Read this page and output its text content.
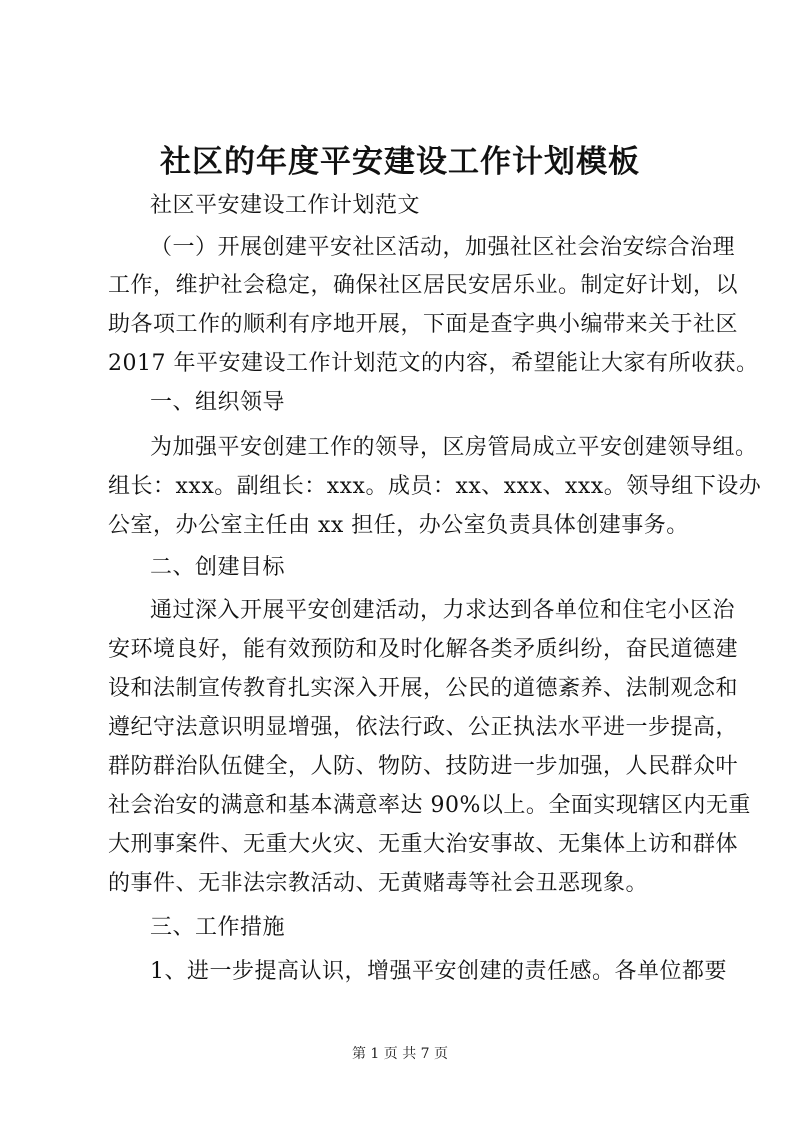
社区的年度平安建设工作计划模板
社区平安建设工作计划范文
（一）开展创建平安社区活动，加强社区社会治安综合治理
工作，维护社会稳定，确保社区居民安居乐业。制定好计划，以
助各项工作的顺利有序地开展，下面是查字典小编带来关于社区
2017 年平安建设工作计划范文的内容，希望能让大家有所收获。
一、组织领导
为加强平安创建工作的领导，区房管局成立平安创建领导组。
组长：xxx。副组长：xxx。成员：xx、xxx、xxx。领导组下设办
公室，办公室主任由 xx 担任，办公室负责具体创建事务。
二、创建目标
通过深入开展平安创建活动，力求达到各单位和住宅小区治
安环境良好，能有效预防和及时化解各类矛质纠纷，奋民道德建
设和法制宣传教育扎实深入开展，公民的道德紊养、法制观念和
遵纪守法意识明显增强，依法行政、公正执法水平进一步提高，
群防群治队伍健全，人防、物防、技防进一步加强，人民群众叶
社会治安的满意和基本满意率达 90%以上。全面实现辖区内无重
大刑事案件、无重大火灾、无重大治安事故、无集体上访和群体
的事件、无非法宗教活动、无黄赌毒等社会丑恶现象。
三、工作措施
1、进一步提高认识，增强平安创建的责任感。各单位都要
第 1 页 共 7 页
